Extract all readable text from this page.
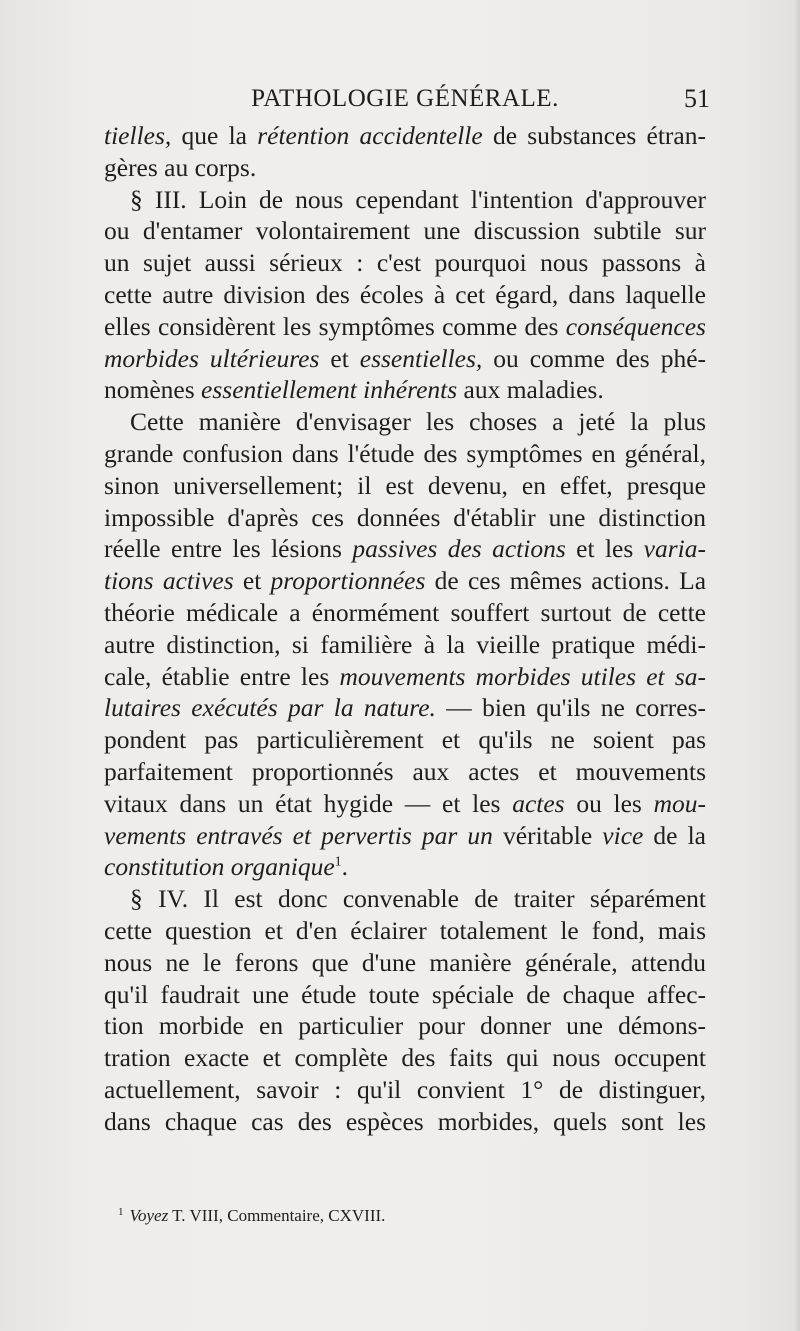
PATHOLOGIE GÉNÉRALE.	51
tielles, que la rétention accidentelle de substances étran-
gères au corps.
§ III. Loin de nous cependant l'intention d'approuver
ou d'entamer volontairement une discussion subtile sur
un sujet aussi sérieux : c'est pourquoi nous passons à
cette autre division des écoles à cet égard, dans laquelle
elles considèrent les symptômes comme des conséquences
morbides ultérieures et essentielles, ou comme des phé-
nomènes essentiellement inhérents aux maladies.
Cette manière d'envisager les choses a jeté la plus
grande confusion dans l'étude des symptômes en général,
sinon universellement; il est devenu, en effet, presque
impossible d'après ces données d'établir une distinction
réelle entre les lésions passives des actions et les varia-
tions actives et proportionnées de ces mêmes actions. La
théorie médicale a énormément souffert surtout de cette
autre distinction, si familière à la vieille pratique médi-
cale, établie entre les mouvements morbides utiles et sa-
lutaires exécutés par la nature. — bien qu'ils ne corres-
pondent pas particulièrement et qu'ils ne soient pas
parfaitement proportionnés aux actes et mouvements
vitaux dans un état hygide — et les actes ou les mou-
vements entravés et pervertis par un véritable vice de la
constitution organique$^1$.
§ IV. Il est donc convenable de traiter séparément
cette question et d'en éclairer totalement le fond, mais
nous ne le ferons que d'une manière générale, attendu
qu'il faudrait une étude toute spéciale de chaque affec-
tion morbide en particulier pour donner une démons-
tration exacte et complète des faits qui nous occupent
actuellement, savoir : qu'il convient 1° de distinguer,
dans chaque cas des espèces morbides, quels sont les
$^1$ Voyez T. VIII, Commentaire, CXVIII.
